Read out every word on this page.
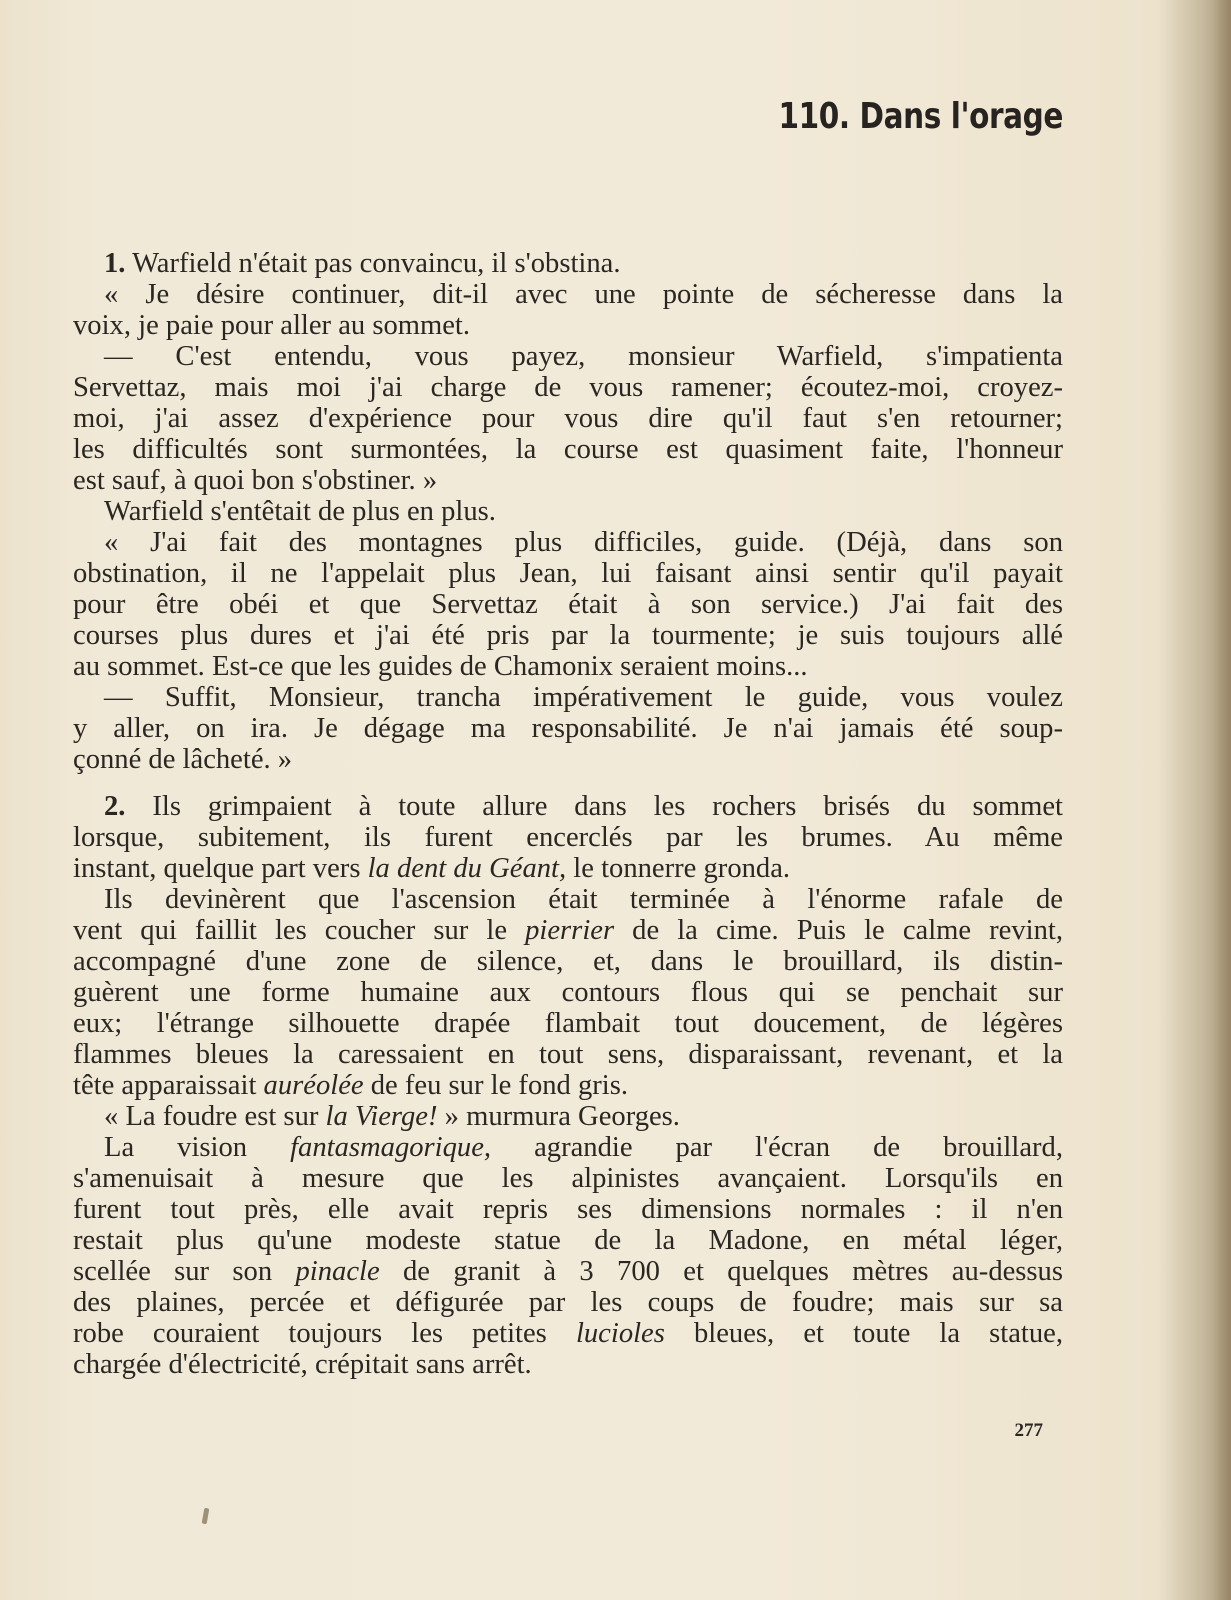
110. Dans l'orage
1. Warfield n'était pas convaincu, il s'obstina.
« Je désire continuer, dit-il avec une pointe de sécheresse dans la
voix, je paie pour aller au sommet.
— C'est entendu, vous payez, monsieur Warfield, s'impatienta
Servettaz, mais moi j'ai charge de vous ramener; écoutez-moi, croyez-
moi, j'ai assez d'expérience pour vous dire qu'il faut s'en retourner;
les difficultés sont surmontées, la course est quasiment faite, l'honneur
est sauf, à quoi bon s'obstiner. »
Warfield s'entêtait de plus en plus.
« J'ai fait des montagnes plus difficiles, guide. (Déjà, dans son
obstination, il ne l'appelait plus Jean, lui faisant ainsi sentir qu'il payait
pour être obéi et que Servettaz était à son service.) J'ai fait des
courses plus dures et j'ai été pris par la tourmente; je suis toujours allé
au sommet. Est-ce que les guides de Chamonix seraient moins...
— Suffit, Monsieur, trancha impérativement le guide, vous voulez
y aller, on ira. Je dégage ma responsabilité. Je n'ai jamais été soup-
çonné de lâcheté. »
2. Ils grimpaient à toute allure dans les rochers brisés du sommet
lorsque, subitement, ils furent encerclés par les brumes. Au même
instant, quelque part vers la dent du Géant, le tonnerre gronda.
Ils devinèrent que l'ascension était terminée à l'énorme rafale de
vent qui faillit les coucher sur le pierrier de la cime. Puis le calme revint,
accompagné d'une zone de silence, et, dans le brouillard, ils distin-
guèrent une forme humaine aux contours flous qui se penchait sur
eux; l'étrange silhouette drapée flambait tout doucement, de légères
flammes bleues la caressaient en tout sens, disparaissant, revenant, et la
tête apparaissait auréolée de feu sur le fond gris.
« La foudre est sur la Vierge! » murmura Georges.
La vision fantasmagorique, agrandie par l'écran de brouillard,
s'amenuisait à mesure que les alpinistes avançaient. Lorsqu'ils en
furent tout près, elle avait repris ses dimensions normales : il n'en
restait plus qu'une modeste statue de la Madone, en métal léger,
scellée sur son pinacle de granit à 3 700 et quelques mètres au-dessus
des plaines, percée et défigurée par les coups de foudre; mais sur sa
robe couraient toujours les petites lucioles bleues, et toute la statue,
chargée d'électricité, crépitait sans arrêt.
277
